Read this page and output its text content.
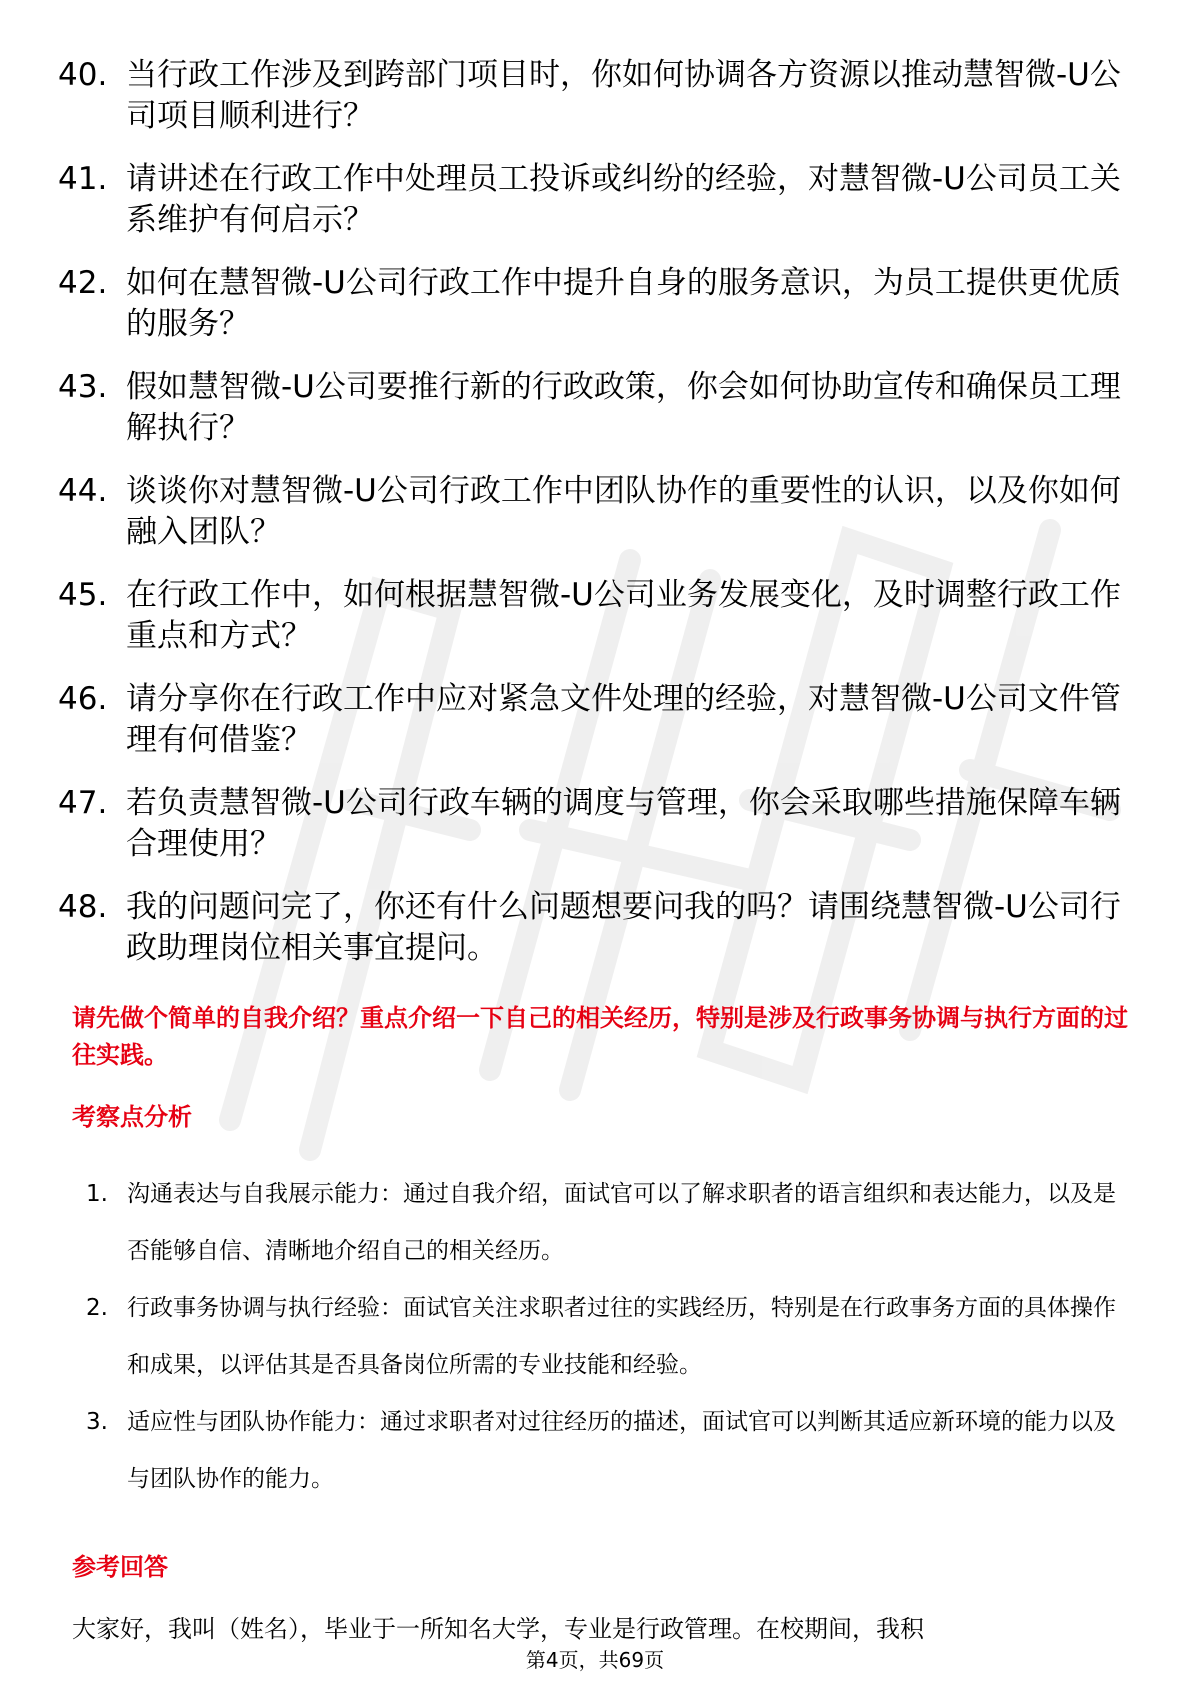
40. 当行政工作涉及到跨部门项目时，你如何协调各方资源以推动慧智微-U公司项目顺利进行？
41. 请讲述在行政工作中处理员工投诉或纠纷的经验，对慧智微-U公司员工关系维护有何启示？
42. 如何在慧智微-U公司行政工作中提升自身的服务意识，为员工提供更优质的服务？
43. 假如慧智微-U公司要推行新的行政政策，你会如何协助宣传和确保员工理解执行？
44. 谈谈你对慧智微-U公司行政工作中团队协作的重要性的认识，以及你如何融入团队？
45. 在行政工作中，如何根据慧智微-U公司业务发展变化，及时调整行政工作重点和方式？
46. 请分享你在行政工作中应对紧急文件处理的经验，对慧智微-U公司文件管理有何借鉴？
47. 若负责慧智微-U公司行政车辆的调度与管理，你会采取哪些措施保障车辆合理使用？
48. 我的问题问完了，你还有什么问题想要问我的吗？请围绕慧智微-U公司行政助理岗位相关事宜提问。
请先做个简单的自我介绍？重点介绍一下自己的相关经历，特别是涉及行政事务协调与执行方面的过往实践。
考察点分析
1. 沟通表达与自我展示能力：通过自我介绍，面试官可以了解求职者的语言组织和表达能力，以及是否能够自信、清晰地介绍自己的相关经历。
2. 行政事务协调与执行经验：面试官关注求职者过往的实践经历，特别是在行政事务方面的具体操作和成果，以评估其是否具备岗位所需的专业技能和经验。
3. 适应性与团队协作能力：通过求职者对过往经历的描述，面试官可以判断其适应新环境的能力以及与团队协作的能力。
参考回答
大家好，我叫（姓名），毕业于一所知名大学，专业是行政管理。在校期间，我积
第4页，共69页
